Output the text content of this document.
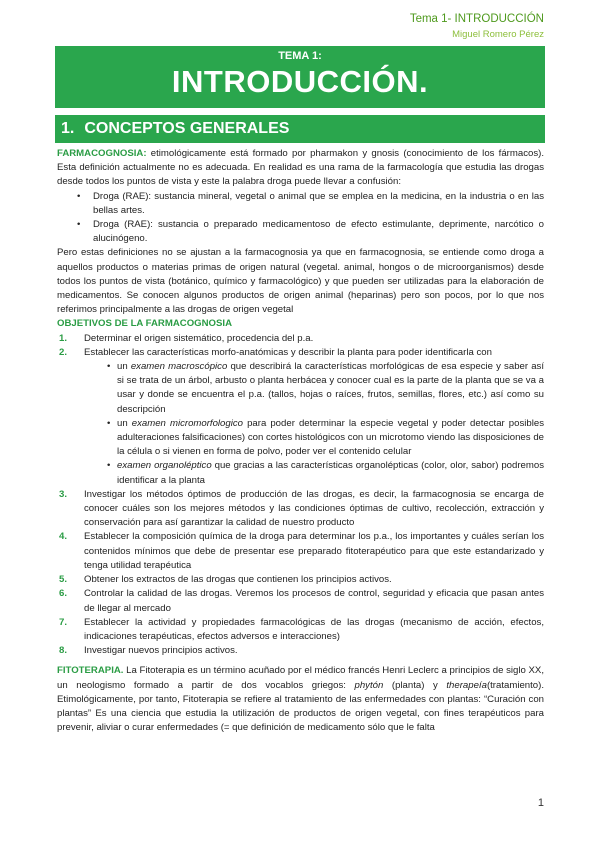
Tema 1- INTRODUCCIÓN
Miguel Romero Pérez
TEMA 1:
INTRODUCCIÓN.
1. CONCEPTOS GENERALES

FARMACOGNOSIA: etimológicamente está formado por pharmakon y gnosis (conocimiento de los fármacos). Esta definición actualmente no es adecuada. En realidad es una rama de la farmacología que estudia las drogas desde todos los puntos de vista y este la palabra droga puede llevar a confusión:

• Droga (RAE): sustancia mineral, vegetal o animal que se emplea en la medicina, en la industria o en las bellas artes.
• Droga (RAE): sustancia o preparado medicamentoso de efecto estimulante, deprimente, narcótico o alucinógeno.

Pero estas definiciones no se ajustan a la farmacognosia ya que en farmacognosia, se entiende como droga a aquellos productos o materias primas de origen natural (vegetal. animal, hongos o de microorganismos) desde todos los puntos de vista (botánico, químico y farmacológico) y que pueden ser utilizadas para la elaboración de medicamentos. Se conocen algunos productos de origen animal (heparinas) pero son pocos, por lo que nos referimos principalmente a las drogas de origen vegetal

OBJETIVOS DE LA FARMACOGNOSIA

1. Determinar el origen sistemático, procedencia del p.a.
2. Establecer las características morfo-anatómicas y describir la planta para poder identificarla con
• un examen macroscópico que describirá la características morfológicas de esa especie y saber así si se trata de un árbol, arbusto o planta herbácea y conocer cual es la parte de la planta que se va a usar y donde se encuentra el p.a. (tallos, hojas o raíces, frutos, semillas, flores, etc.) así como su descripción
• un examen micromorfologico para poder determinar la especie vegetal y poder detectar posibles adulteraciones falsificaciones) con cortes histológicos con un microtomo viendo las disposiciones de la célula o si vienen en forma de polvo, poder ver el contenido celular
• examen organoléptico que gracias a las características organolépticas (color, olor, sabor) podremos identificar a la planta
3. Investigar los métodos óptimos de producción de las drogas, es decir, la farmacognosia se encarga de conocer cuáles son los mejores métodos y las condiciones óptimas de cultivo, recolección, extracción y conservación para así garantizar la calidad de nuestro producto
4. Establecer la composición química de la droga para determinar los p.a., los importantes y cuáles serían los contenidos mínimos que debe de presentar ese preparado fitoterapéutico para que este estandarizado y tenga utilidad terapéutica
5. Obtener los extractos de las drogas que contienen los principios activos.
6. Controlar la calidad de las drogas. Veremos los procesos de control, seguridad y eficacia que pasan antes de llegar al mercado
7. Establecer la actividad y propiedades farmacológicas de las drogas (mecanismo de acción, efectos, indicaciones terapéuticas, efectos adversos e interacciones)
8. Investigar nuevos principios activos.

FITOTERAPIA. La Fitoterapia es un término acuñado por el médico francés Henri Leclerc a principios de siglo XX, un neologismo formado a partir de dos vocablos griegos: phytón (planta) y therapeía(tratamiento). Etimológicamente, por tanto, Fitoterapia se refiere al tratamiento de las enfermedades con plantas: “Curación con plantas” Es una ciencia que estudia la utilización de productos de origen vegetal, con fines terapéuticos para prevenir, aliviar o curar enfermedades (= que definición de medicamento sólo que le falta

1
